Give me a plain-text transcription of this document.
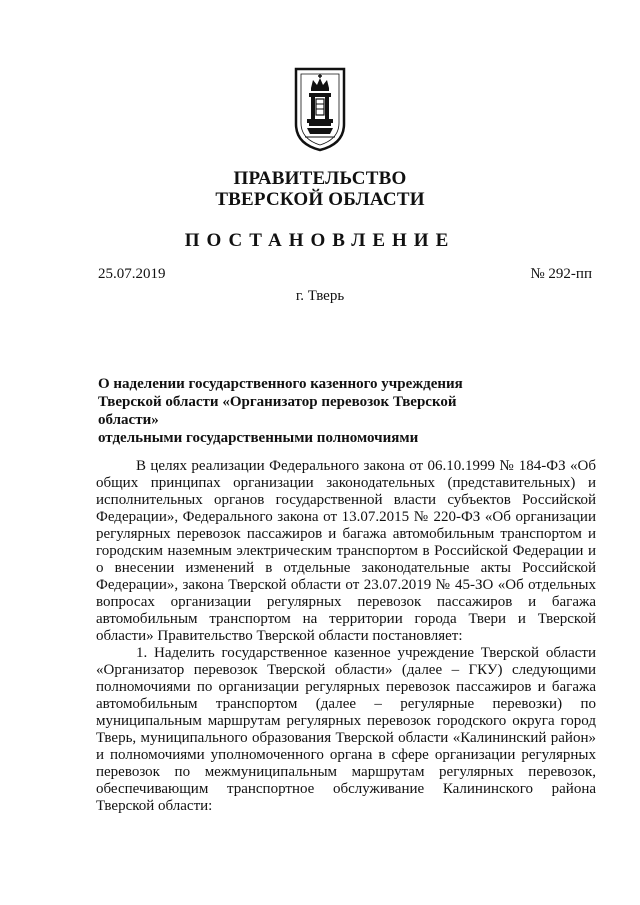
ПРАВИТЕЛЬСТВО
ТВЕРСКОЙ ОБЛАСТИ
ПОСТАНОВЛЕНИЕ
25.07.2019	№ 292-пп
г. Тверь
О наделении государственного казенного учреждения
Тверской области «Организатор перевозок Тверской области»
отдельными государственными полномочиями

В целях реализации Федерального закона от 06.10.1999 № 184-ФЗ «Об общих принципах организации законодательных (представительных) и исполнительных органов государственной власти субъектов Российской Федерации», Федерального закона от 13.07.2015 № 220-ФЗ «Об организации регулярных перевозок пассажиров и багажа автомобильным транспортом и городским наземным электрическим транспортом в Российской Федерации и о внесении изменений в отдельные законодательные акты Российской Федерации», закона Тверской области от 23.07.2019 № 45-ЗО «Об отдельных вопросах организации регулярных перевозок пассажиров и багажа автомобильным транспортом на территории города Твери и Тверской области» Правительство Тверской области постановляет:

1. Наделить государственное казенное учреждение Тверской области «Организатор перевозок Тверской области» (далее – ГКУ) следующими полномочиями по организации регулярных перевозок пассажиров и багажа автомобильным транспортом (далее – регулярные перевозки) по муниципальным маршрутам регулярных перевозок городского округа город Тверь, муниципального образования Тверской области «Калининский район» и полномочиями уполномоченного органа в сфере организации регулярных перевозок по межмуниципальным маршрутам регулярных перевозок, обеспечивающим транспортное обслуживание Калининского района Тверской области:
